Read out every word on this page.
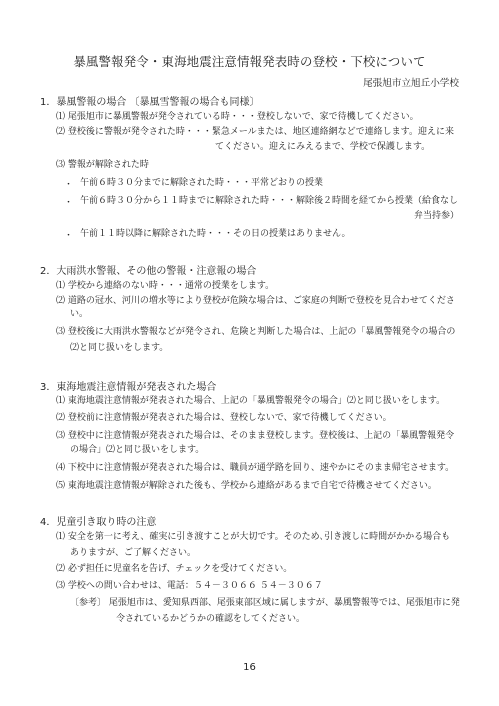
暴風警報発令・東海地震注意情報発表時の登校・下校について
尾張旭市立旭丘小学校
1．暴風警報の場合 〔暴風雪警報の場合も同様〕
⑴ 尾張旭市に暴風警報が発令されている時・・・登校しないで、家で待機してください。
⑵ 登校後に警報が発令された時・・・緊急メールまたは、地区連絡網などで連絡します。迎えに来
てください。迎えにみえるまで、学校で保護します。
⑶ 警報が解除された時
・ 午前６時３０分までに解除された時・・・平常どおりの授業
・ 午前６時３０分から１１時までに解除された時・・・解除後２時間を経てから授業（給食なし
弁当持参）
・ 午前１１時以降に解除された時・・・その日の授業はありません。
2．大雨洪水警報、その他の警報・注意報の場合
⑴ 学校から連絡のない時・・・通常の授業をします。
⑵ 道路の冠水、河川の増水等により登校が危険な場合は、ご家庭の判断で登校を見合わせてくださ
い。
⑶ 登校後に大雨洪水警報などが発令され、危険と判断した場合は、上記の「暴風警報発令の場合の
⑵と同じ扱いをします。
3．東海地震注意情報が発表された場合
⑴ 東海地震注意情報が発表された場合、上記の「暴風警報発令の場合」⑵と同じ扱いをします。
⑵ 登校前に注意情報が発表された場合は、登校しないで、家で待機してください。
⑶ 登校中に注意情報が発表された場合は、そのまま登校します。登校後は、上記の「暴風警報発令
の場合」⑵と同じ扱いをします。
⑷ 下校中に注意情報が発表された場合は、職員が通学路を回り、速やかにそのまま帰宅させます。
⑸ 東海地震注意情報が解除された後も、学校から連絡があるまで自宅で待機させてください。
4．児童引き取り時の注意
⑴ 安全を第一に考え、確実に引き渡すことが大切です。そのため､引き渡しに時間がかかる場合も
ありますが、ご了解ください。
⑵ 必ず担任に児童名を告げ、チェックを受けてください。
⑶ 学校への問い合わせは、電話：５４－３０６６ ５４－３０６７
〔参考〕 尾張旭市は、愛知県西部、尾張東部区域に属しますが、暴風警報等では、尾張旭市に発
令されているかどうかの確認をしてください。
16
